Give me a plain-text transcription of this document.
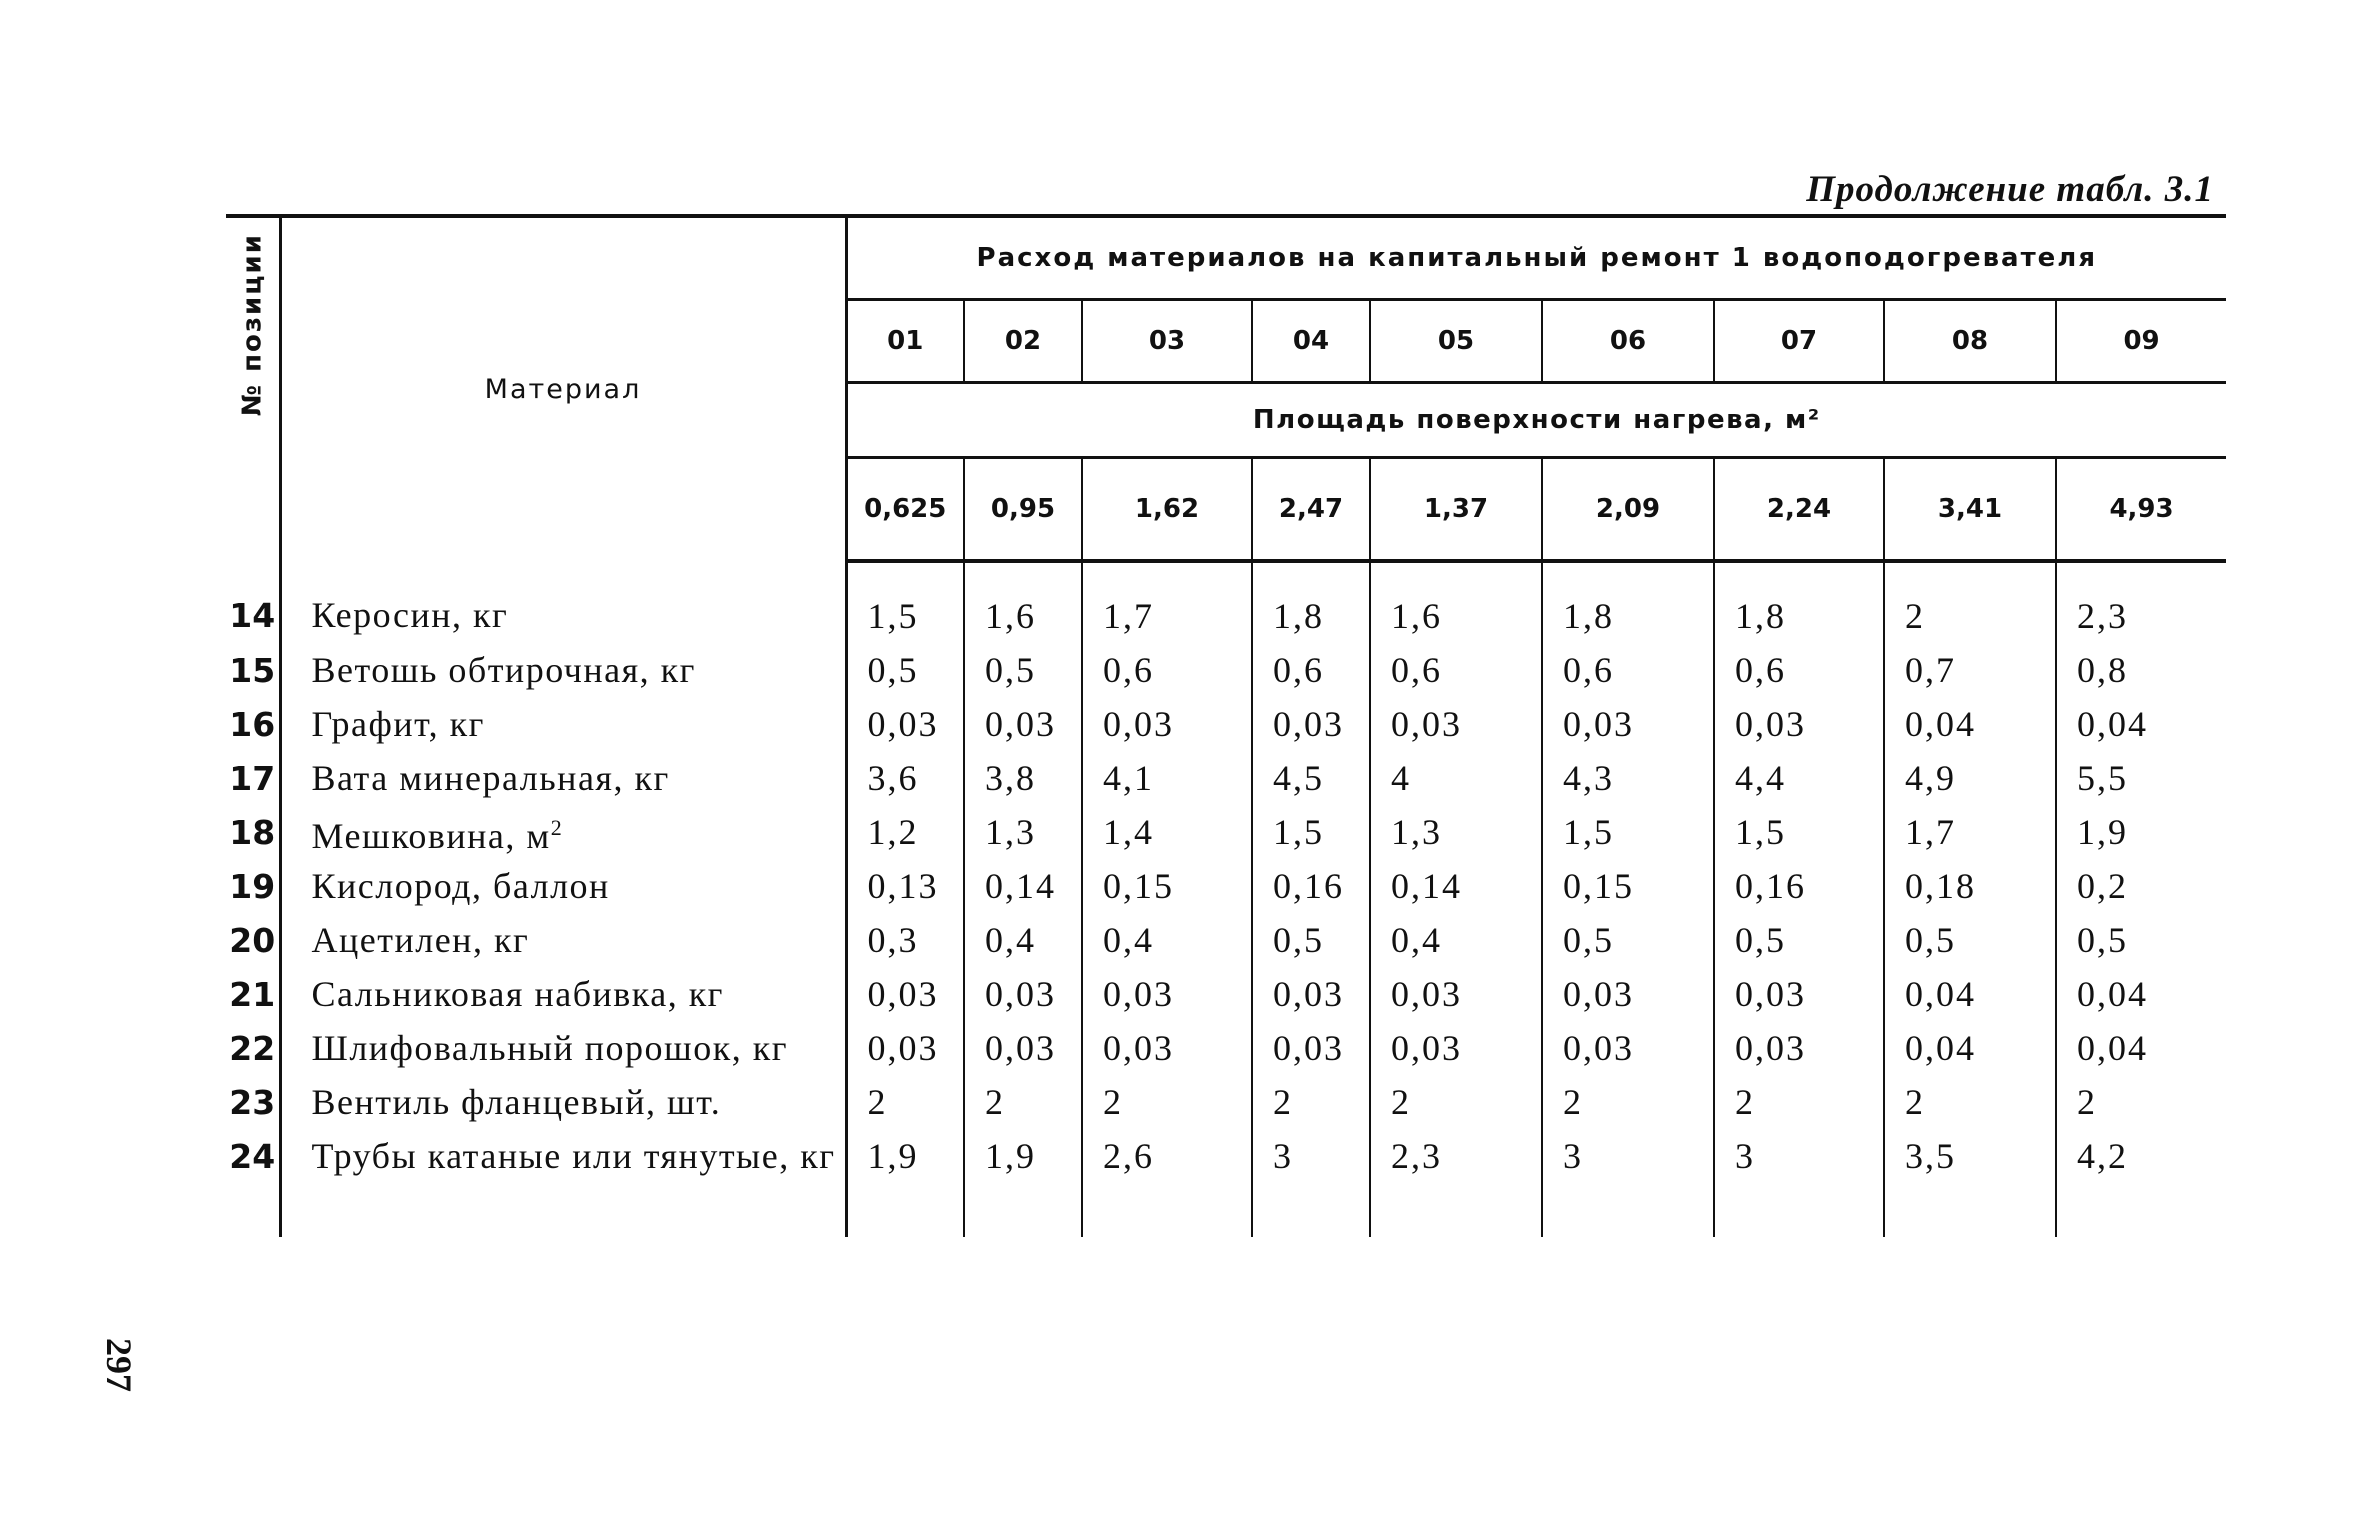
Продолжение табл. 3.1
297
№ позиции	Материал	Расход материалов на капитальный ремонт 1 водоподогревателя								
		01	02	03	04	05	06	07	08	09
		Площадь поверхности нагрева, м²								
		0,625	0,95	1,62	2,47	1,37	2,09	2,24	3,41	4,93
14	Керосин, кг	1,5	1,6	1,7	1,8	1,6	1,8	1,8	2	2,3
15	Ветошь обтирочная, кг	0,5	0,5	0,6	0,6	0,6	0,6	0,6	0,7	0,8
16	Графит, кг	0,03	0,03	0,03	0,03	0,03	0,03	0,03	0,04	0,04
17	Вата минеральная, кг	3,6	3,8	4,1	4,5	4	4,3	4,4	4,9	5,5
18	Мешковина, $м^2$	1,2	1,3	1,4	1,5	1,3	1,5	1,5	1,7	1,9
19	Кислород, баллон	0,13	0,14	0,15	0,16	0,14	0,15	0,16	0,18	0,2
20	Ацетилен, кг	0,3	0,4	0,4	0,5	0,4	0,5	0,5	0,5	0,5
21	Сальниковая набивка, кг	0,03	0,03	0,03	0,03	0,03	0,03	0,03	0,04	0,04
22	Шлифовальный порошок, кг	0,03	0,03	0,03	0,03	0,03	0,03	0,03	0,04	0,04
23	Вентиль фланцевый, шт.	2	2	2	2	2	2	2	2	2
24	Трубы катаные или тянутые, кг	1,9	1,9	2,6	3	2,3	3	3	3,5	4,2
